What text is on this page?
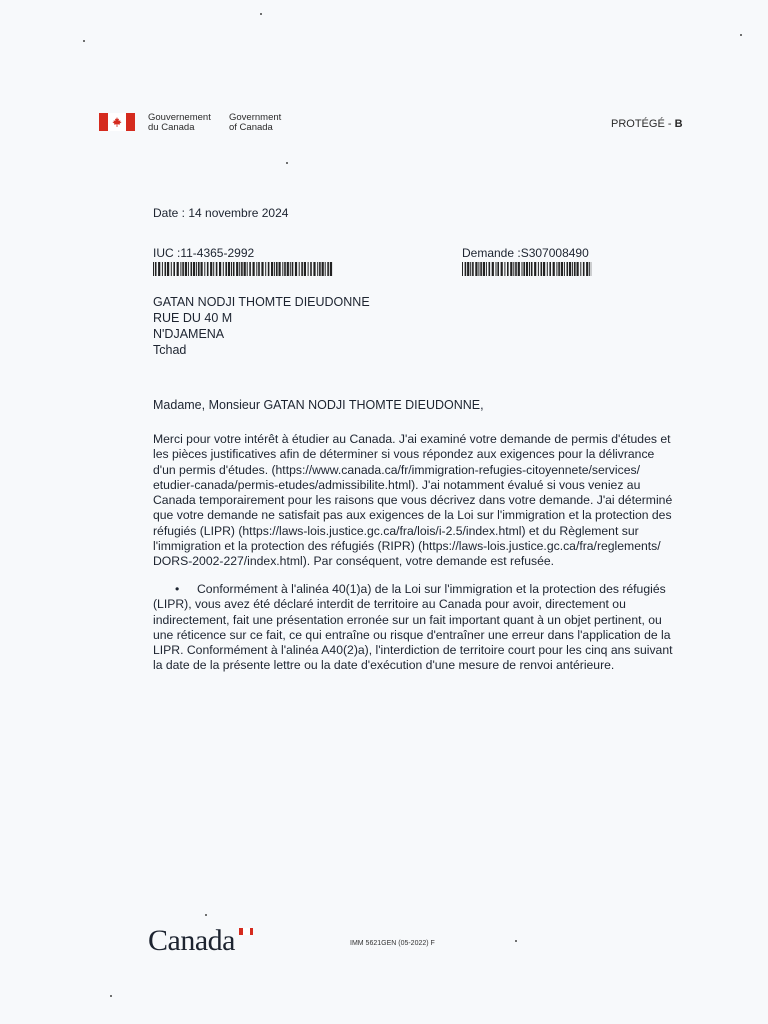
Gouvernement
du Canada
Government
of Canada	PROTÉGÉ - B
Date : 14 novembre 2024
IUC :11-4365-2992	Demande :S307008490
GATAN NODJI THOMTE DIEUDONNE
RUE DU 40 M
N'DJAMENA
Tchad
Madame, Monsieur GATAN NODJI THOMTE DIEUDONNE,
Merci pour votre intérêt à étudier au Canada. J'ai examiné votre demande de permis d'études et
les pièces justificatives afin de déterminer si vous répondez aux exigences pour la délivrance
d'un permis d'études. (https://www.canada.ca/fr/immigration-refugies-citoyennete/services/
etudier-canada/permis-etudes/admissibilite.html). J'ai notamment évalué si vous veniez au
Canada temporairement pour les raisons que vous décrivez dans votre demande. J'ai déterminé
que votre demande ne satisfait pas aux exigences de la Loi sur l'immigration et la protection des
réfugiés (LIPR) (https://laws-lois.justice.gc.ca/fra/lois/i-2.5/index.html) et du Règlement sur
l'immigration et la protection des réfugiés (RIPR) (https://laws-lois.justice.gc.ca/fra/reglements/
DORS-2002-227/index.html). Par conséquent, votre demande est refusée.
• Conformément à l'alinéa 40(1)a) de la Loi sur l'immigration et la protection des réfugiés
(LIPR), vous avez été déclaré interdit de territoire au Canada pour avoir, directement ou
indirectement, fait une présentation erronée sur un fait important quant à un objet pertinent, ou
une réticence sur ce fait, ce qui entraîne ou risque d'entraîner une erreur dans l'application de la
LIPR. Conformément à l'alinéa A40(2)a), l'interdiction de territoire court pour les cinq ans suivant
la date de la présente lettre ou la date d'exécution d'une mesure de renvoi antérieure.
Canada	IMM 5621GEN (05-2022) F
